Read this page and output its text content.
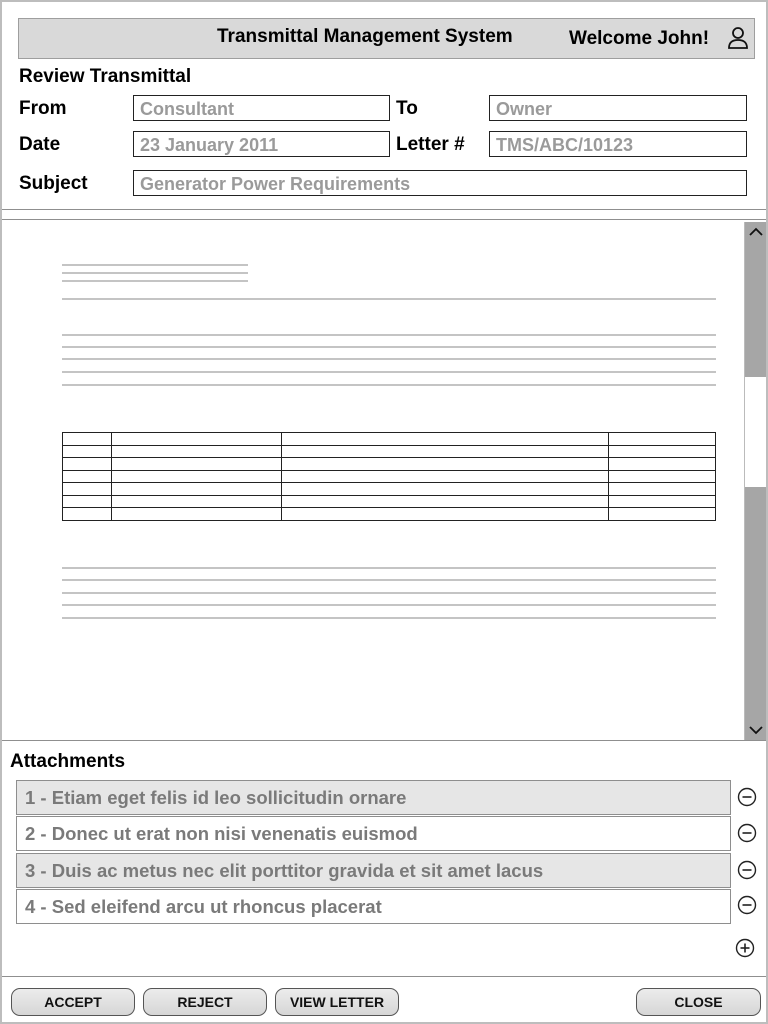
Transmittal Management System	Welcome John!
Review Transmittal
From	Consultant	To	Owner
Date	23 January 2011	Letter #	TMS/ABC/10123
Subject	Generator Power Requirements

Attachments
1 - Etiam eget felis id leo sollicitudin ornare
2 - Donec ut erat non nisi venenatis euismod
3 - Duis ac metus nec elit porttitor gravida et sit amet lacus
4 - Sed eleifend arcu ut rhoncus placerat
ACCEPT	REJECT	VIEW LETTER	CLOSE
